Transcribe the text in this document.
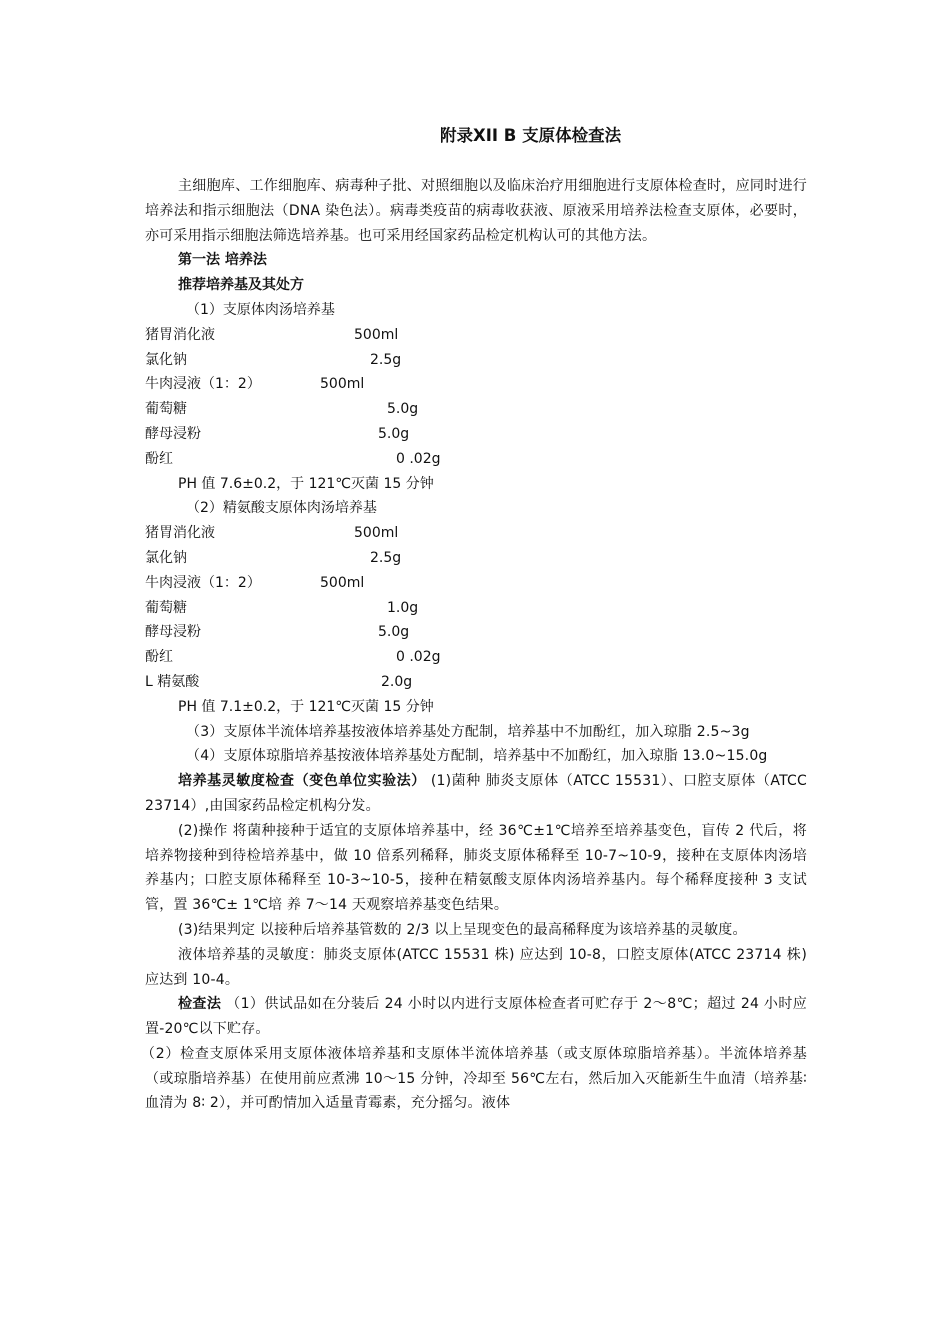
附录XII B 支原体检查法

主细胞库、工作细胞库、病毒种子批、对照细胞以及临床治疗用细胞进行支原体检查时，应同时进行培养法和指示细胞法（DNA 染色法）。病毒类疫苗的病毒收获液、原液采用培养法检查支原体，必要时，亦可采用指示细胞法筛选培养基。也可采用经国家药品检定机构认可的其他方法。

第一法 培养法

推荐培养基及其处方

（1）支原体肉汤培养基

猪胃消化液	500ml
氯化钠	2.5g
牛肉浸液（1：2）	500ml
葡萄糖	5.0g
酵母浸粉	5.0g
酚红	0 .02g

PH 值 7.6±0.2，于 121℃灭菌 15 分钟

（2）精氨酸支原体肉汤培养基

猪胃消化液	500ml
氯化钠	2.5g
牛肉浸液（1：2）	500ml
葡萄糖	1.0g
酵母浸粉	5.0g
酚红	0 .02g
L 精氨酸	2.0g

PH 值 7.1±0.2，于 121℃灭菌 15 分钟

（3）支原体半流体培养基按液体培养基处方配制，培养基中不加酚红，加入琼脂 2.5~3g

（4）支原体琼脂培养基按液体培养基处方配制，培养基中不加酚红，加入琼脂 13.0~15.0g

培养基灵敏度检查（变色单位实验法） (1)菌种 肺炎支原体（ATCC 15531）、口腔支原体（ATCC 23714）,由国家药品检定机构分发。

(2)操作 将菌种接种于适宜的支原体培养基中，经 36℃±1℃培养至培养基变色，盲传 2 代后，将培养物接种到待检培养基中，做 10 倍系列稀释，肺炎支原体稀释至 10-7~10-9，接种在支原体肉汤培养基内；口腔支原体稀释至 10-3~10-5，接种在精氨酸支原体肉汤培养基内。每个稀释度接种 3 支试管，置 36℃± 1℃培 养 7～14 天观察培养基变色结果。

(3)结果判定 以接种后培养基管数的 2/3 以上呈现变色的最高稀释度为该培养基的灵敏度。

液体培养基的灵敏度：肺炎支原体(ATCC 15531 株) 应达到 10-8，口腔支原体(ATCC 23714 株) 应达到 10-4。

检查法 （1）供试品如在分装后 24 小时以内进行支原体检查者可贮存于 2～8℃；超过 24 小时应置-20℃以下贮存。

（2）检查支原体采用支原体液体培养基和支原体半流体培养基（或支原体琼脂培养基）。半流体培养基（或琼脂培养基）在使用前应煮沸 10～15 分钟，冷却至 56℃左右，然后加入灭能新生牛血清（培养基∶血清为 8∶ 2），并可酌情加入适量青霉素，充分摇匀。液体
